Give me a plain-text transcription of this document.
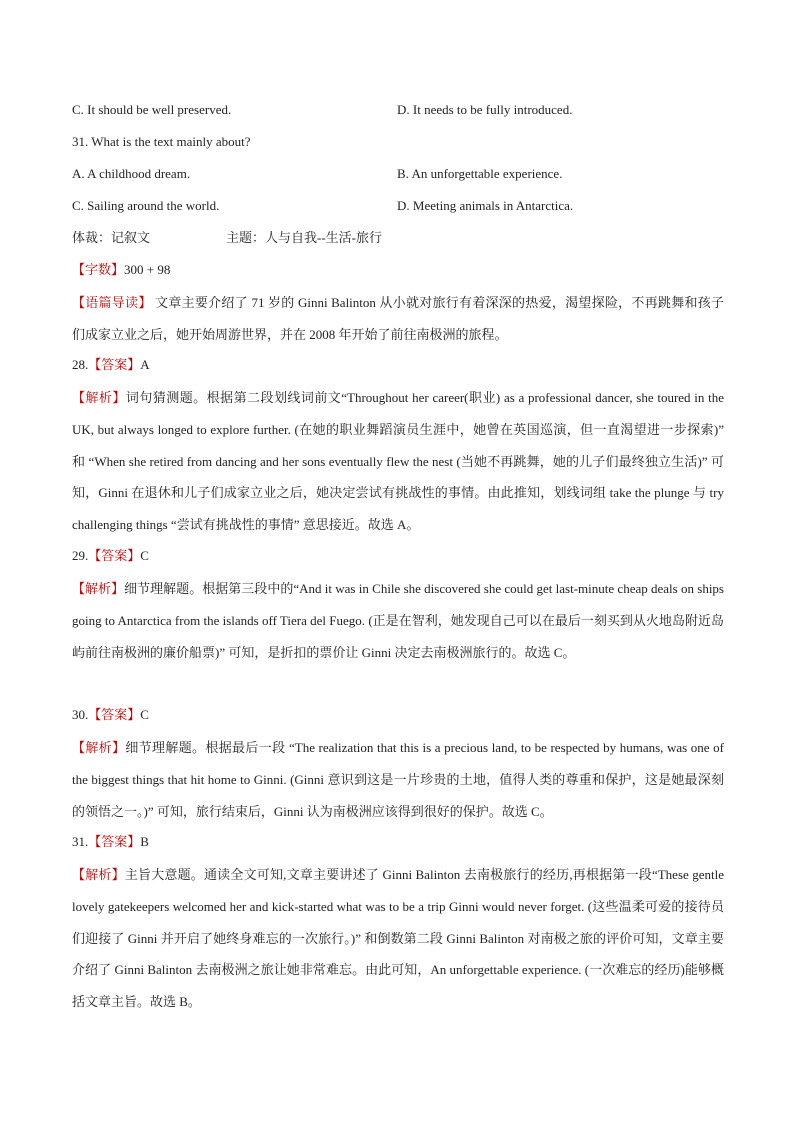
C. It should be well preserved.	D. It needs to be fully introduced.
31. What is the text mainly about?
A. A childhood dream.	B. An unforgettable experience.
C. Sailing around the world.	D. Meeting animals in Antarctica.
体裁：记叙文	主题：人与自我--生活-旅行
【字数】300 + 98
【语篇导读】 文章主要介绍了 71 岁的 Ginni Balinton 从小就对旅行有着深深的热爱，渴望探险，不再跳舞和孩子们成家立业之后，她开始周游世界，并在 2008 年开始了前往南极洲的旅程。
28.【答案】A
【解析】词句猜测题。根据第二段划线词前文“Throughout her career(职业) as a professional dancer, she toured in the UK, but always longed to explore further. (在她的职业舞蹈演员生涯中，她曾在英国巡演，但一直渴望进一步探索)” 和 “When she retired from dancing and her sons eventually flew the nest (当她不再跳舞，她的儿子们最终独立生活)” 可知，Ginni 在退休和儿子们成家立业之后，她决定尝试有挑战性的事情。由此推知，划线词组 take the plunge 与 try challenging things “尝试有挑战性的事情” 意思接近。故选 A。
29.【答案】C
【解析】细节理解题。根据第三段中的“And it was in Chile she discovered she could get last-minute cheap deals on ships going to Antarctica from the islands off Tiera del Fuego. (正是在智利，她发现自己可以在最后一刻买到从火地岛附近岛屿前往南极洲的廉价船票)” 可知，是折扣的票价让 Ginni 决定去南极洲旅行的。故选 C。
30.【答案】C
【解析】细节理解题。根据最后一段 “The realization that this is a precious land, to be respected by humans, was one of the biggest things that hit home to Ginni. (Ginni 意识到这是一片珍贵的土地，值得人类的尊重和保护，这是她最深刻的领悟之一。)” 可知，旅行结束后，Ginni 认为南极洲应该得到很好的保护。故选 C。
31.【答案】B
【解析】主旨大意题。通读全文可知,文章主要讲述了 Ginni Balinton 去南极旅行的经历,再根据第一段“These gentle lovely gatekeepers welcomed her and kick-started what was to be a trip Ginni would never forget. (这些温柔可爱的接待员们迎接了 Ginni 并开启了她终身难忘的一次旅行。)” 和倒数第二段 Ginni Balinton 对南极之旅的评价可知，文章主要介绍了 Ginni Balinton 去南极洲之旅让她非常难忘。由此可知，An unforgettable experience. (一次难忘的经历)能够概括文章主旨。故选 B。
